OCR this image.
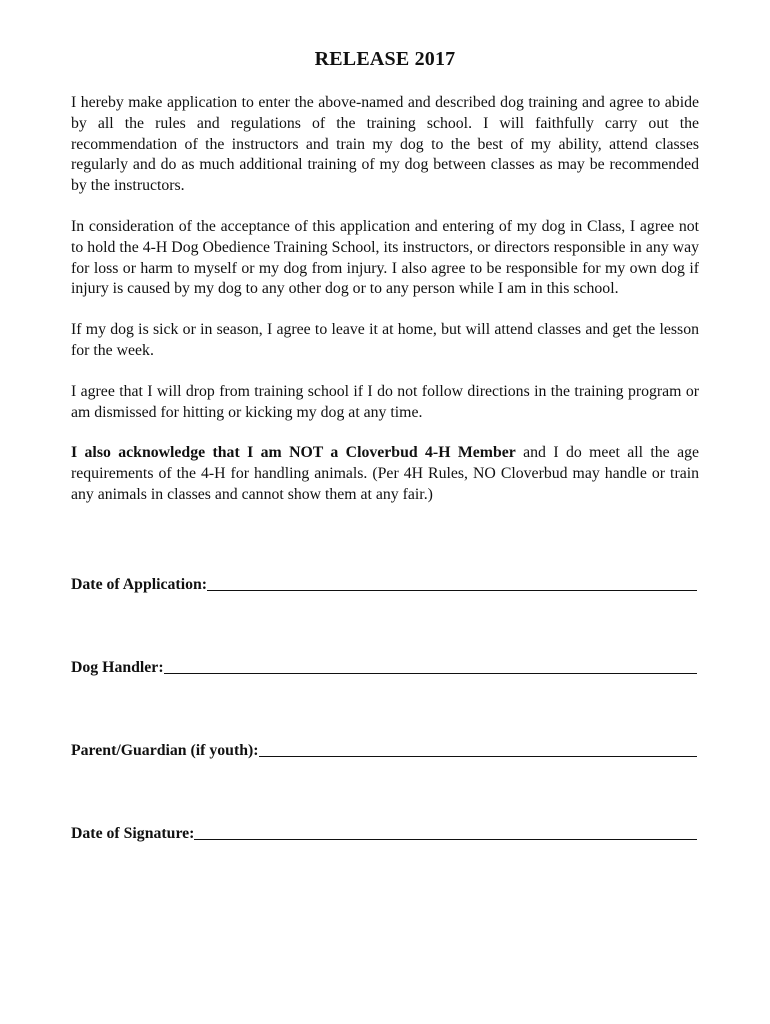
RELEASE 2017

I hereby make application to enter the above-named and described dog training and agree to abide by all the rules and regulations of the training school. I will faithfully carry out the recommendation of the instructors and train my dog to the best of my ability, attend classes regularly and do as much additional training of my dog between classes as may be recommended by the instructors.

In consideration of the acceptance of this application and entering of my dog in Class, I agree not to hold the 4-H Dog Obedience Training School, its instructors, or directors responsible in any way for loss or harm to myself or my dog from injury. I also agree to be responsible for my own dog if injury is caused by my dog to any other dog or to any person while I am in this school.

If my dog is sick or in season, I agree to leave it at home, but will attend classes and get the lesson for the week.

I agree that I will drop from training school if I do not follow directions in the training program or am dismissed for hitting or kicking my dog at any time.

I also acknowledge that I am NOT a Cloverbud 4-H Member and I do meet all the age requirements of the 4-H for handling animals. (Per 4H Rules, NO Cloverbud may handle or train any animals in classes and cannot show them at any fair.)

Date of Application:
Dog Handler:
Parent/Guardian (if youth):
Date of Signature:
